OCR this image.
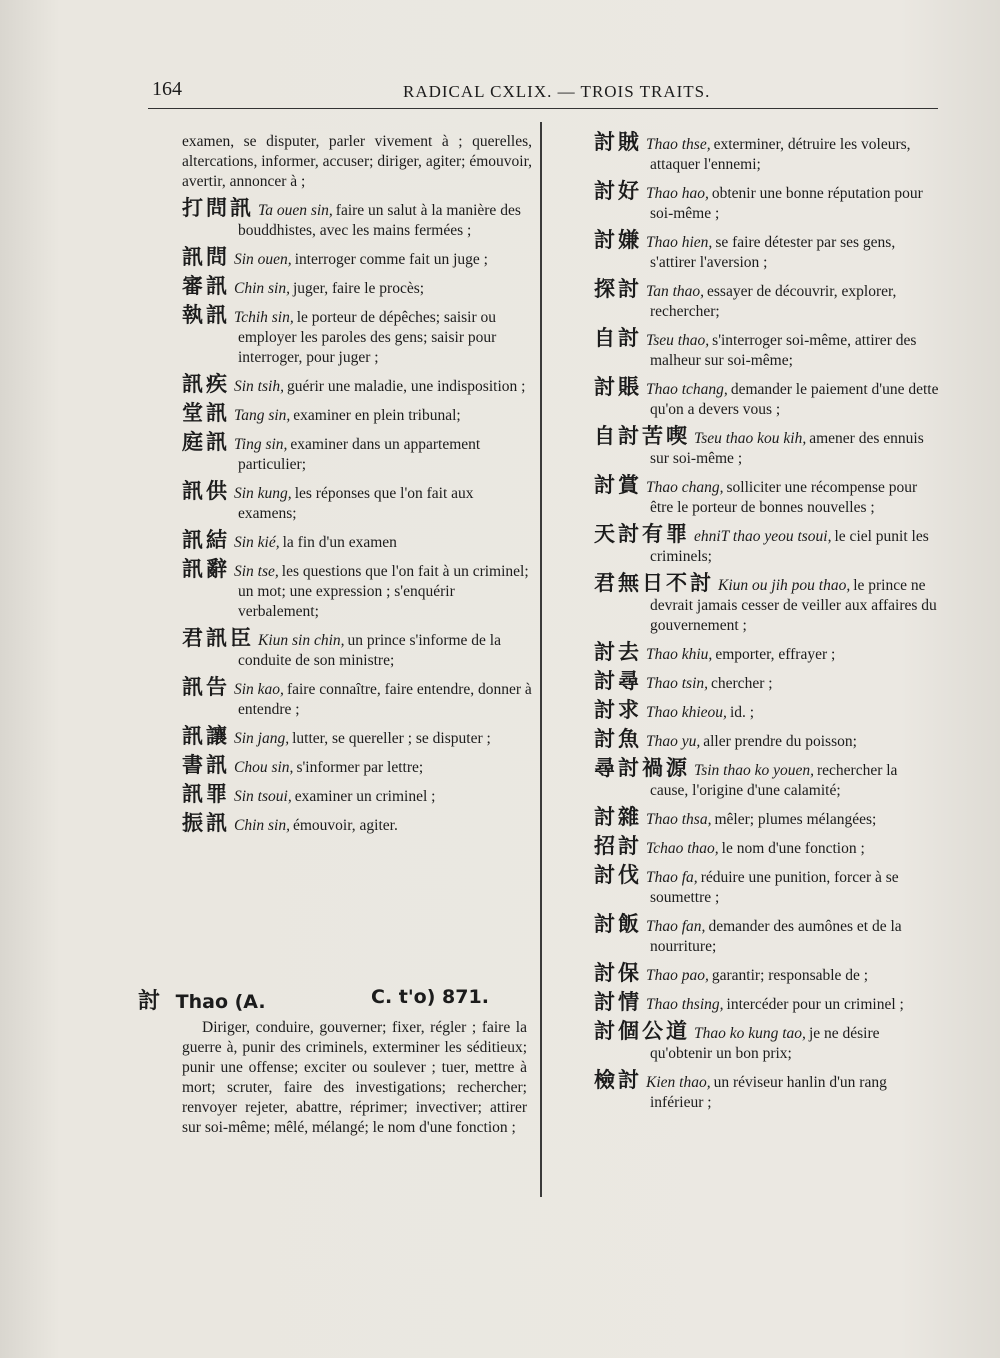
164	RADICAL CXLIX. — TROIS TRAITS.
examen, se disputer, parler vivement à ; querelles, altercations, informer, accuser; diriger, agiter; émouvoir, avertir, annoncer à ;
打問訊 Ta ouen sin, faire un salut à la manière des bouddhistes, avec les mains fermées ;
訊問 Sin ouen, interroger comme fait un juge ;
審訊 Chin sin, juger, faire le procès;
執訊 Tchih sin, le porteur de dépêches; saisir ou employer les paroles des gens; saisir pour interroger, pour juger ;
訊疾 Sin tsih, guérir une maladie, une indisposition ;
堂訊 Tang sin, examiner en plein tribunal;
庭訊 Ting sin, examiner dans un appartement particulier;
訊供 Sin kung, les réponses que l'on fait aux examens;
訊結 Sin kié, la fin d'un examen
訊辭 Sin tse, les questions que l'on fait à un criminel; un mot; une expression ; s'enquérir verbalement;
君訊臣 Kiun sin chin, un prince s'informe de la conduite de son ministre;
訊告 Sin kao, faire connaître, faire entendre, donner à entendre ;
訊讓 Sin jang, lutter, se quereller ; se disputer ;
書訊 Chou sin, s'informer par lettre;
訊罪 Sin tsoui, examiner un criminel ;
振訊 Chin sin, émouvoir, agiter.
討 Thao (A.	C. t'o) 871.
Diriger, conduire, gouverner; fixer, régler ; faire la guerre à, punir des criminels, exterminer les séditieux; punir une offense; exciter ou soulever ; tuer, mettre à mort; scruter, faire des investigations; rechercher; renvoyer rejeter, abattre, réprimer; invectiver; attirer sur soi-même; mêlé, mélangé; le nom d'une fonction ;
討賊 Thao thse, exterminer, détruire les voleurs, attaquer l'ennemi;
討好 Thao hao, obtenir une bonne réputation pour soi-même ;
討嫌 Thao hien, se faire détester par ses gens, s'attirer l'aversion ;
探討 Tan thao, essayer de découvrir, explorer, rechercher;
自討 Tseu thao, s'interroger soi-même, attirer des malheur sur soi-même;
討賬 Thao tchang, demander le paiement d'une dette qu'on a devers vous ;
自討苦喫 Tseu thao kou kih, amener des ennuis sur soi-même ;
討賞 Thao chang, solliciter une récompense pour être le porteur de bonnes nouvelles ;
天討有罪 ehniT thao yeou tsoui, le ciel punit les criminels;
君無日不討 Kiun ou jih pou thao, le prince ne devrait jamais cesser de veiller aux affaires du gouvernement ;
討去 Thao khiu, emporter, effrayer ;
討尋 Thao tsin, chercher ;
討求 Thao khieou, id. ;
討魚 Thao yu, aller prendre du poisson;
尋討禍源 Tsin thao ko youen, rechercher la cause, l'origine d'une calamité;
討雜 Thao thsa, mêler; plumes mélangées;
招討 Tchao thao, le nom d'une fonction ;
討伐 Thao fa, réduire une punition, forcer à se soumettre ;
討飯 Thao fan, demander des aumônes et de la nourriture;
討保 Thao pao, garantir; responsable de ;
討情 Thao thsing, intercéder pour un criminel ;
討個公道 Thao ko kung tao, je ne désire qu'obtenir un bon prix;
檢討 Kien thao, un réviseur hanlin d'un rang inférieur ;
